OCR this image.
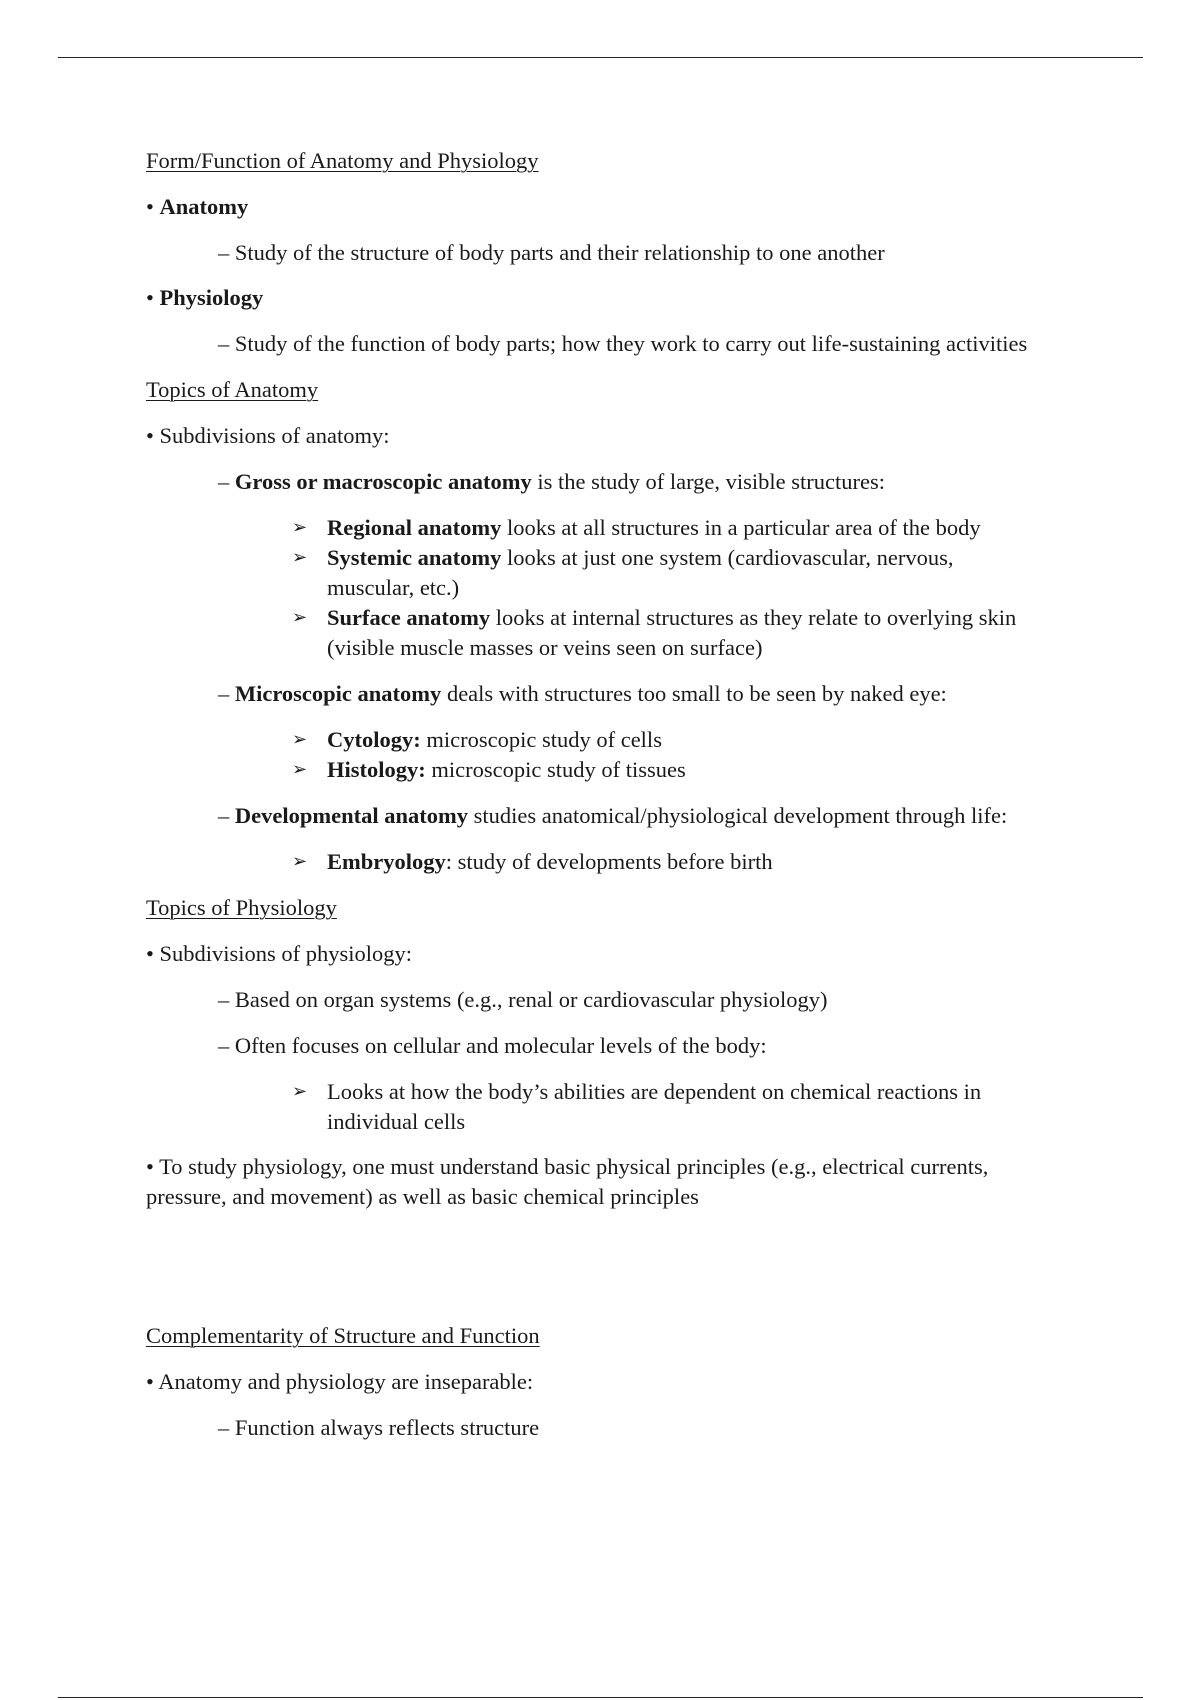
Form/Function of Anatomy and Physiology
• Anatomy
– Study of the structure of body parts and their relationship to one another
• Physiology
– Study of the function of body parts; how they work to carry out life-sustaining activities
Topics of Anatomy
• Subdivisions of anatomy:
– Gross or macroscopic anatomy is the study of large, visible structures:
➢ Regional anatomy looks at all structures in a particular area of the body
➢ Systemic anatomy looks at just one system (cardiovascular, nervous, muscular, etc.)
➢ Surface anatomy looks at internal structures as they relate to overlying skin (visible muscle masses or veins seen on surface)
– Microscopic anatomy deals with structures too small to be seen by naked eye:
➢ Cytology: microscopic study of cells
➢ Histology: microscopic study of tissues
– Developmental anatomy studies anatomical/physiological development through life:
➢ Embryology: study of developments before birth
Topics of Physiology
• Subdivisions of physiology:
– Based on organ systems (e.g., renal or cardiovascular physiology)
– Often focuses on cellular and molecular levels of the body:
➢ Looks at how the body’s abilities are dependent on chemical reactions in individual cells
• To study physiology, one must understand basic physical principles (e.g., electrical currents, pressure, and movement) as well as basic chemical principles
Complementarity of Structure and Function
• Anatomy and physiology are inseparable:
– Function always reflects structure
